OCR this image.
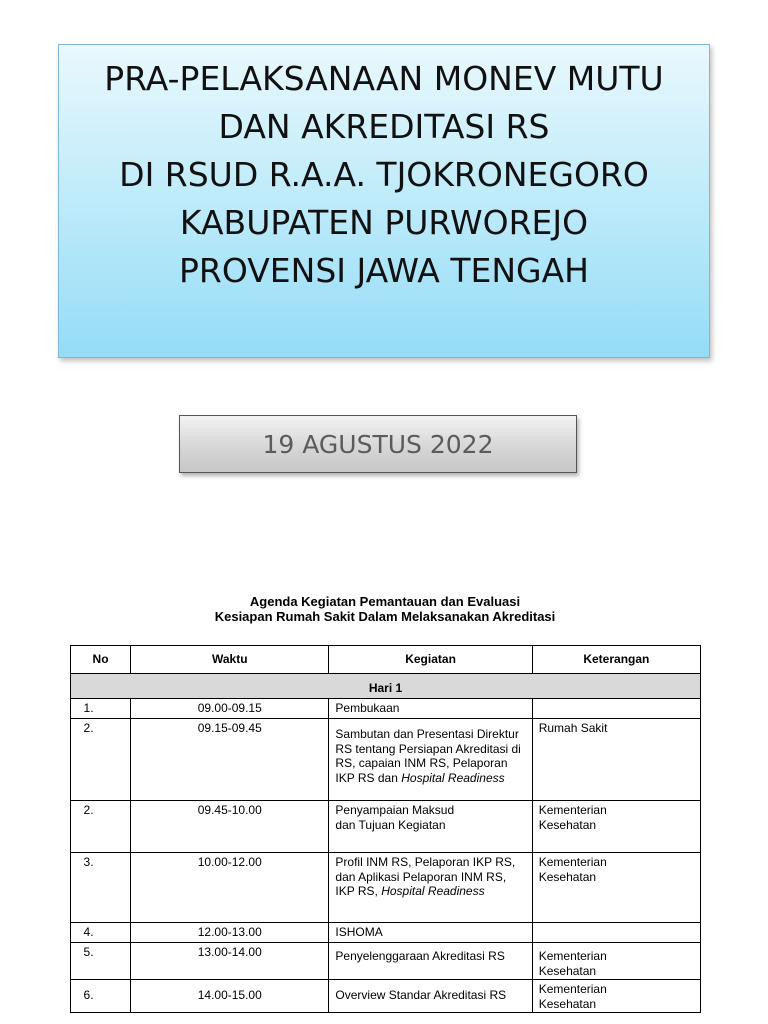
PRA-PELAKSANAAN MONEV MUTU
DAN AKREDITASI RS
DI RSUD R.A.A. TJOKRONEGORO
KABUPATEN PURWOREJO
PROVENSI JAWA TENGAH
19 AGUSTUS 2022
Agenda Kegiatan Pemantauan dan Evaluasi
Kesiapan Rumah Sakit Dalam Melaksanakan Akreditasi
No	Waktu	Kegiatan	Keterangan
Hari 1			
1.	09.00-09.15	Pembukaan	
2.	09.15-09.45	Sambutan dan Presentasi Direktur RS tentang Persiapan Akreditasi di RS, capaian INM RS, Pelaporan IKP RS dan Hospital Readiness	Rumah Sakit
2.	09.45-10.00	Penyampaian Maksud dan Tujuan Kegiatan	Kementerian Kesehatan
3.	10.00-12.00	Profil INM RS, Pelaporan IKP RS, dan Aplikasi Pelaporan INM RS, IKP RS, Hospital Readiness	Kementerian Kesehatan
4.	12.00-13.00	ISHOMA	
5.	13.00-14.00	Penyelenggaraan Akreditasi RS	Kementerian Kesehatan
6.	14.00-15.00	Overview Standar Akreditasi RS	Kementerian Kesehatan
